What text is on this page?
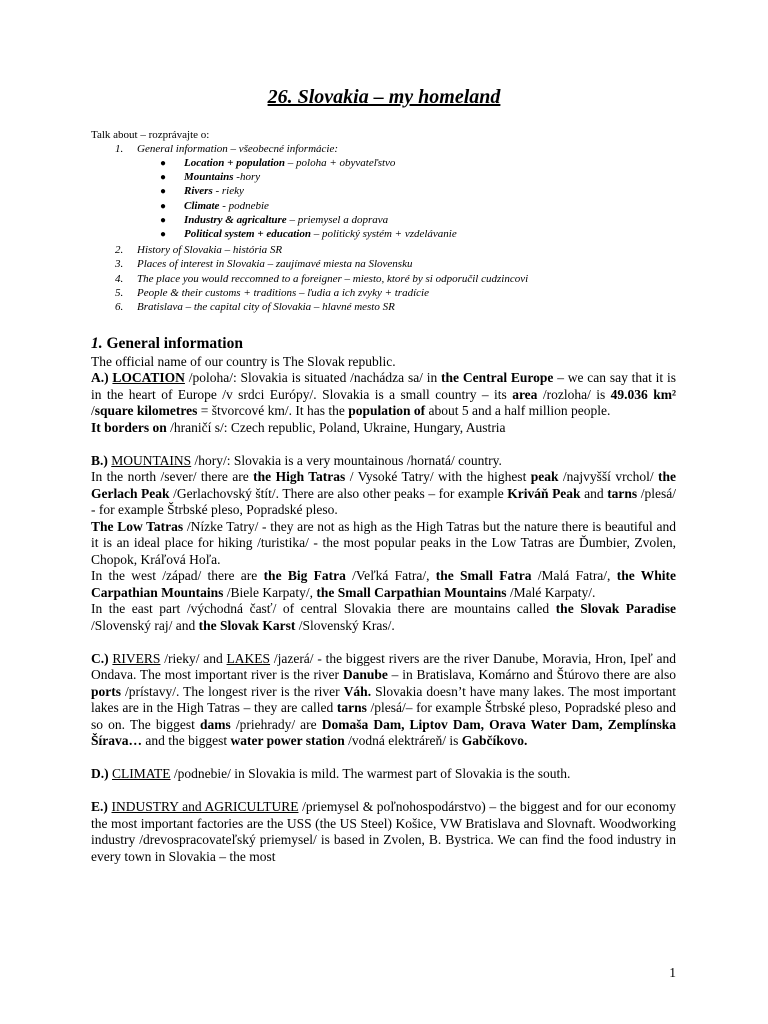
26. Slovakia – my homeland
Talk about – rozprávajte o:
1.	General information – všeobecné informácie:
●	Location + population – poloha + obyvateľstvo
●	Mountains -hory
●	Rivers - rieky
●	Climate - podnebie
●	Industry & agricalture – priemysel a doprava
●	Political system + education – politický systém + vzdelávanie
2.	History of Slovakia – história SR
3.	Places of interest in Slovakia – zaujímavé miesta na Slovensku
4.	The place you would reccomned to a foreigner – miesto, ktoré by si odporučil cudzincovi
5.	People & their customs + traditions – ľudia a ich zvyky + tradície
6.	Bratislava – the capital city of Slovakia – hlavné mesto SR
1. General information

The official name of our country is The Slovak republic.

A.) LOCATION /poloha/: Slovakia is situated /nachádza sa/ in the Central Europe – we can say that it is in the heart of Europe /v srdci Európy/. Slovakia is a small country – its area /rozloha/ is 49.036 km² /square kilometres = štvorcové km/. It has the population of about 5 and a half million people.

It borders on /hraničí s/: Czech republic, Poland, Ukraine, Hungary, Austria

B.) MOUNTAINS /hory/: Slovakia is a very mountainous /hornatá/ country.

In the north /sever/ there are the High Tatras / Vysoké Tatry/ with the highest peak /najvyšší vrchol/ the Gerlach Peak /Gerlachovský štít/. There are also other peaks – for example Kriváň Peak and tarns /plesá/ - for example Štrbské pleso, Popradské pleso.

The Low Tatras /Nízke Tatry/ - they are not as high as the High Tatras but the nature there is beautiful and it is an ideal place for hiking /turistika/ - the most popular peaks in the Low Tatras are Ďumbier, Zvolen, Chopok, Kráľová Hoľa.

In the west /západ/ there are the Big Fatra /Veľká Fatra/, the Small Fatra /Malá Fatra/, the White Carpathian Mountains /Biele Karpaty/, the Small Carpathian Mountains /Malé Karpaty/.

In the east part /východná časť/ of central Slovakia there are mountains called the Slovak Paradise /Slovenský raj/ and the Slovak Karst /Slovenský Kras/.

C.) RIVERS /rieky/ and LAKES /jazerá/ - the biggest rivers are the river Danube, Moravia, Hron, Ipeľ and Ondava. The most important river is the river Danube – in Bratislava, Komárno and Štúrovo there are also ports /prístavy/. The longest river is the river Váh. Slovakia doesn’t have many lakes. The most important lakes are in the High Tatras – they are called tarns /plesá/– for example Štrbské pleso, Popradské pleso and so on. The biggest dams /priehrady/ are Domaša Dam, Liptov Dam, Orava Water Dam, Zemplínska Šírava… and the biggest water power station /vodná elektráreň/ is Gabčíkovo.

D.) CLIMATE /podnebie/ in Slovakia is mild. The warmest part of Slovakia is the south.

E.) INDUSTRY and AGRICULTURE /priemysel & poľnohospodárstvo) – the biggest and for our economy the most important factories are the USS (the US Steel) Košice, VW Bratislava and Slovnaft. Woodworking industry /drevospracovateľský priemysel/ is based in Zvolen, B. Bystrica. We can find the food industry in every town in Slovakia – the most

1
